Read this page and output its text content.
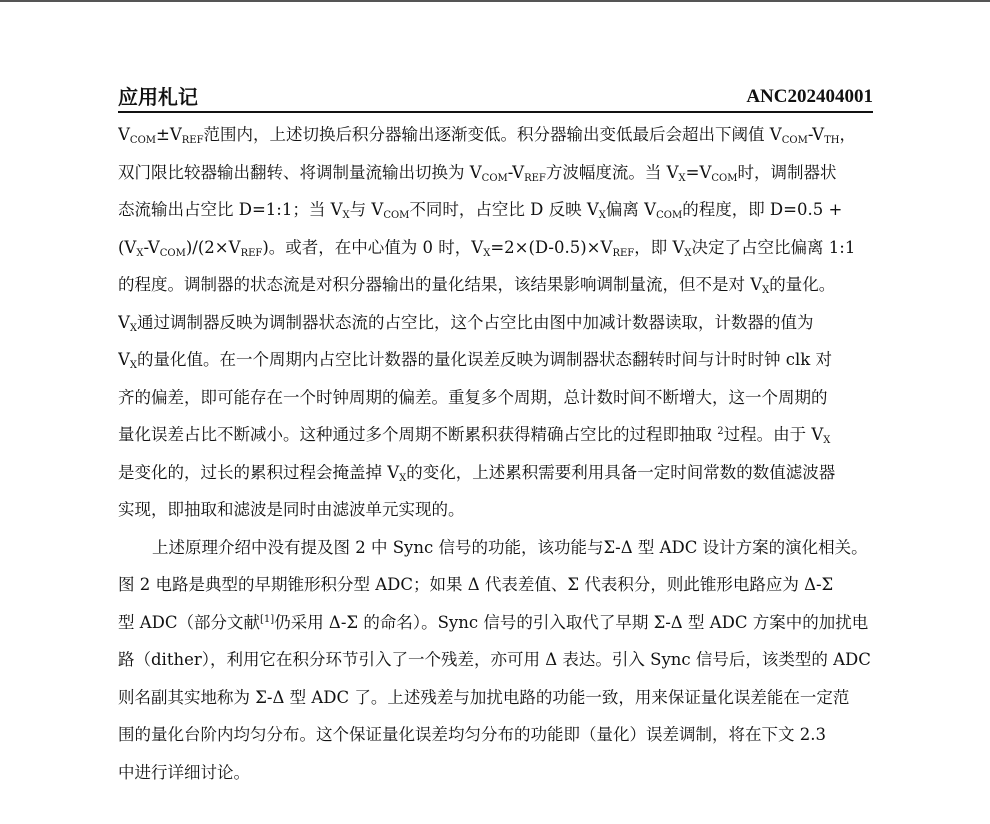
应用札记	ANC202404001
$V_{COM}\pm V_{REF}$范围内，上述切换后积分器输出逐渐变低。积分器输出变低最后会超出下阈值 $V_{COM}-V_{TH}$，
双门限比较器输出翻转、将调制量流输出切换为 $V_{COM}-V_{REF}$方波幅度流。当 $V_X=V_{COM}$时，调制器状
态流输出占空比 D=1:1；当 $V_X$与 $V_{COM}$不同时，占空比 D 反映 $V_X$偏离 $V_{COM}$的程度，即 D=0.5 +
$(V_X-V_{COM})/(2\times V_{REF})$。或者，在中心值为 0 时，$V_X=2\times(D-0.5)\times V_{REF}$，即 $V_X$决定了占空比偏离 1:1
的程度。调制器的状态流是对积分器输出的量化结果，该结果影响调制量流，但不是对 $V_X$的量化。
$V_X$通过调制器反映为调制器状态流的占空比，这个占空比由图中加减计数器读取，计数器的值为
$V_X$的量化值。在一个周期内占空比计数器的量化误差反映为调制器状态翻转时间与计时时钟 clk 对
齐的偏差，即可能存在一个时钟周期的偏差。重复多个周期，总计数时间不断增大，这一个周期的
量化误差占比不断减小。这种通过多个周期不断累积获得精确占空比的过程即抽取 $^2$过程。由于 $V_X$
是变化的，过长的累积过程会掩盖掉 $V_X$的变化，上述累积需要利用具备一定时间常数的数值滤波器
实现，即抽取和滤波是同时由滤波单元实现的。
上述原理介绍中没有提及图 2 中 Sync 信号的功能，该功能与Σ-Δ 型 ADC 设计方案的演化相关。
图 2 电路是典型的早期锥形积分型 ADC；如果 Δ 代表差值、Σ 代表积分，则此锥形电路应为 Δ-Σ
型 ADC（部分文献[1]仍采用 Δ-Σ 的命名）。Sync 信号的引入取代了早期 Σ-Δ 型 ADC 方案中的加扰电
路（dither），利用它在积分环节引入了一个残差，亦可用 Δ 表达。引入 Sync 信号后，该类型的 ADC
则名副其实地称为 Σ-Δ 型 ADC 了。上述残差与加扰电路的功能一致，用来保证量化误差能在一定范
围的量化台阶内均匀分布。这个保证量化误差均匀分布的功能即（量化）误差调制，将在下文 2.3
中进行详细讨论。
